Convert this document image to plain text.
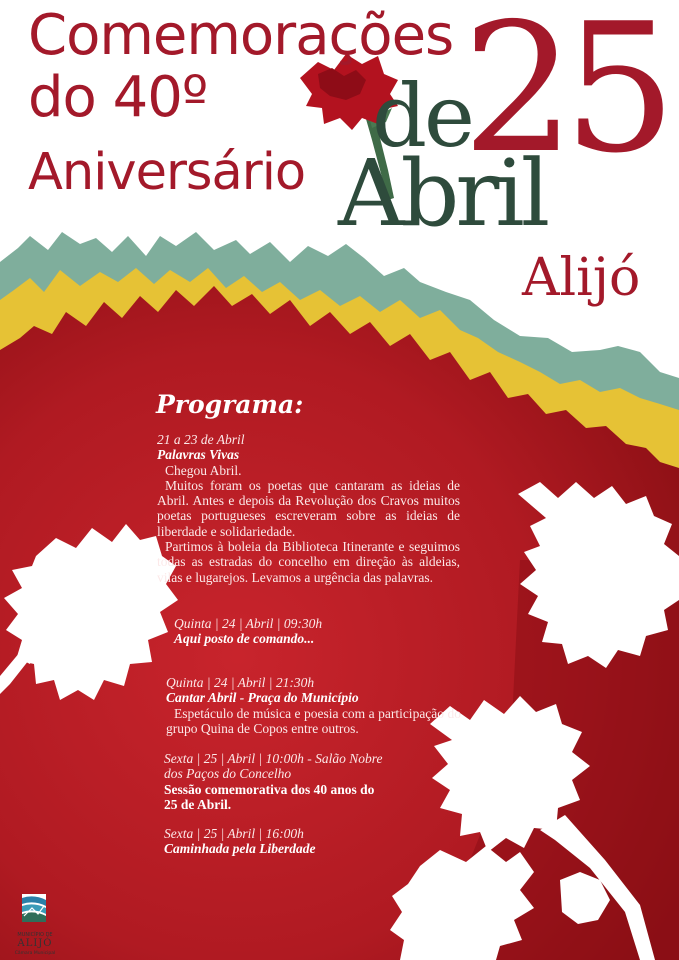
Comemorações
do 40º
Aniversário 25
de
Abril
Alijó
Programa:

21 a 23 de Abril

Palavras Vivas

Chegou Abril.

Muitos foram os poetas que cantaram as ideias de Abril. Antes e depois da Revolução dos Cravos muitos poetas portugueses escreveram sobre as ideias de liberdade e solidariedade.

Partimos à boleia da Biblioteca Itinerante e seguimos todas as estradas do concelho em direção às aldeias, vilas e lugarejos. Levamos a urgência das palavras.

Quinta | 24 | Abril | 09:30h

Aqui posto de comando...

Quinta | 24 | Abril | 21:30h

Cantar Abril - Praça do Município

Espetáculo de música e poesia com a participação do grupo Quina de Copos entre outros.

Sexta | 25 | Abril | 10:00h - Salão Nobre dos Paços do Concelho

Sessão comemorativa dos 40 anos do 25 de Abril.

Sexta | 25 | Abril | 16:00h

Caminhada pela Liberdade

MUNICÍPIO DE
ALIJÓ
Câmara Municipal
